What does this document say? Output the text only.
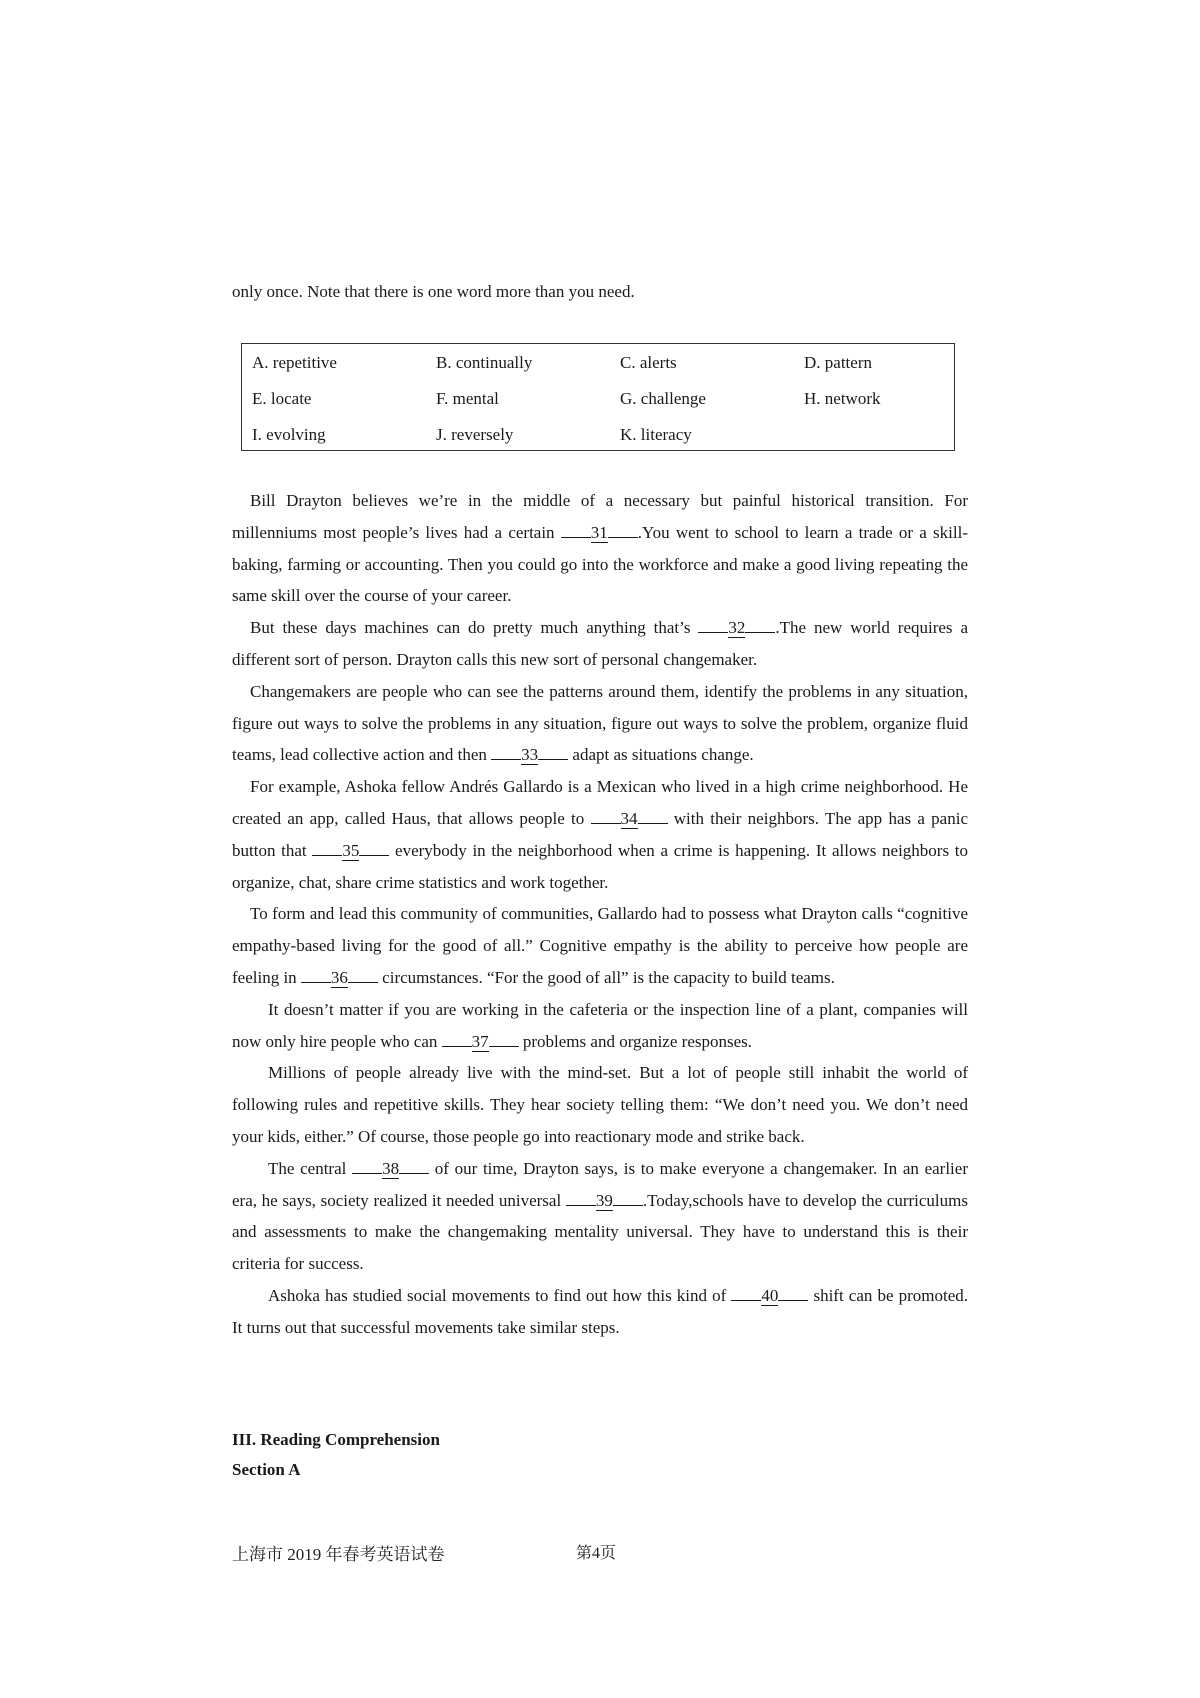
only once. Note that there is one word more than you need.
A. repetitive	B. continually	C. alerts	D. pattern
E. locate	F. mental	G. challenge	H. network
I. evolving	J. reversely	K. literacy

Bill Drayton believes we’re in the middle of a necessary but painful historical transition. For millenniums most people’s lives had a certain 31 .You went to school to learn a trade or a skill-baking, farming or accounting. Then you could go into the workforce and make a good living repeating the same skill over the course of your career.

But these days machines can do pretty much anything that’s 32 .The new world requires a different sort of person. Drayton calls this new sort of personal changemaker.

Changemakers are people who can see the patterns around them, identify the problems in any situation, figure out ways to solve the problems in any situation, figure out ways to solve the problem, organize fluid teams, lead collective action and then 33 adapt as situations change.

For example, Ashoka fellow Andrés Gallardo is a Mexican who lived in a high crime neighborhood. He created an app, called Haus, that allows people to 34 with their neighbors. The app has a panic button that 35 everybody in the neighborhood when a crime is happening. It allows neighbors to organize, chat, share crime statistics and work together.

To form and lead this community of communities, Gallardo had to possess what Drayton calls “cognitive empathy-based living for the good of all.” Cognitive empathy is the ability to perceive how people are feeling in 36 circumstances. “For the good of all” is the capacity to build teams.

It doesn’t matter if you are working in the cafeteria or the inspection line of a plant, companies will now only hire people who can 37 problems and organize responses.

Millions of people already live with the mind-set. But a lot of people still inhabit the world of following rules and repetitive skills. They hear society telling them: “We don’t need you. We don’t need your kids, either.” Of course, those people go into reactionary mode and strike back.

The central 38 of our time, Drayton says, is to make everyone a changemaker. In an earlier era, he says, society realized it needed universal 39 .Today,schools have to develop the curriculums and assessments to make the changemaking mentality universal. They have to understand this is their criteria for success.

Ashoka has studied social movements to find out how this kind of 40 shift can be promoted. It turns out that successful movements take similar steps.

III. Reading Comprehension
Section A
上海市 2019 年春考英语试卷	第4页
